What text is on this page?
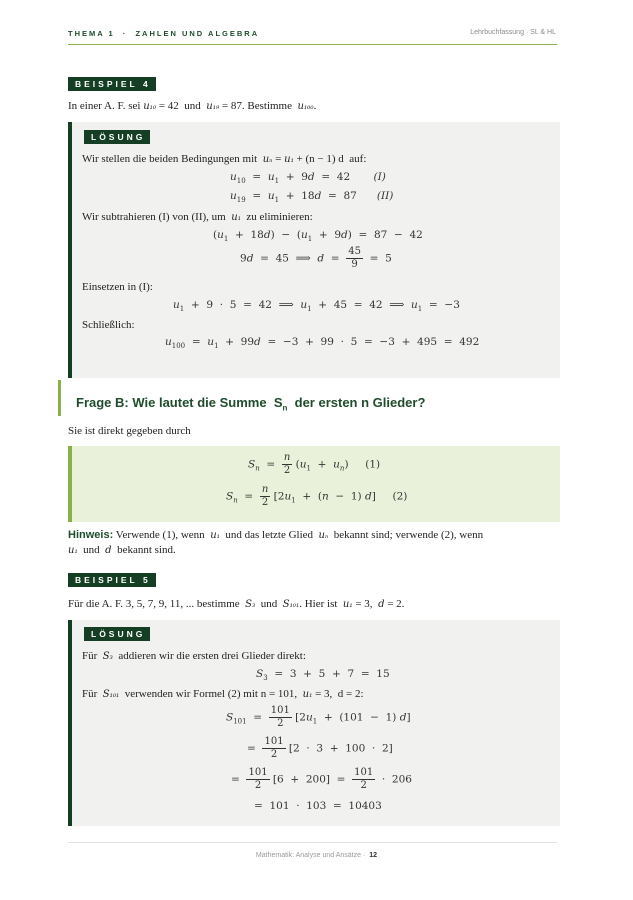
THEMA 1  ·  ZAHLEN UND ALGEBRA	Lehrbuchfassung · SL & HL
BEISPIEL 4
In einer A. F. sei u₁₀ = 42  und u₁₉ = 87. Bestimme u₁₀₀.
LÖSUNG
Wir stellen die beiden Bedingungen mit uₙ = u₁ + (n − 1) d  auf:
$u_{10} = u_1 + 9d = 42$       (I)
$u_{19} = u_1 + 18d = 87$      (II)
Wir subtrahieren (I) von (II), um u₁ zu eliminieren:
$(u_1 + 18d) - (u_1 + 9d) = 87 - 42$
9d  =  45  ⟹  $d = \frac{45}{9} = 5$
Einsetzen in (I):
$u_1 + 9 \cdot 5 = 42$  ⟹  $u_1 + 45 = 42$  ⟹  $u_1 = -3$
Schließlich:
$u_{100} = u_1 + 99d = -3 + 99 \cdot 5 = -3 + 495 = 492$
Frage B: Wie lautet die Summe  $S_n$ der ersten n Glieder?
Sie ist direkt gegeben durch
$S_n = \frac{n}{2} (u_1 + u_n)$     (1)
$S_n = \frac{n}{2} [2u_1 + (n - 1)$ d]     (2)
Hinweis: Verwende (1), wenn u₁ und das letzte Glied uₙ bekannt sind; verwende (2), wenn
u₁ und d bekannt sind.
BEISPIEL 5
Für die A. F. 3, 5, 7, 9, 11, ... bestimme S₃ und S₁₀₁. Hier ist u₁ = 3,  d = 2.
LÖSUNG
Für S₃ addieren wir die ersten drei Glieder direkt:
$S_3 = 3 + 5 + 7 = 15$
Für S₁₀₁ verwenden wir Formel (2) mit n = 101, u₁ = 3,  d = 2:
$S_{101} = \frac{101}{2} [2u_1 + (101 - 1)$ d]
= $\frac{101}{2} [2 \cdot 3 + 100 \cdot 2]$
= $\frac{101}{2} [6 + 200] = \frac{101}{2} \cdot 206$
=  101  ·  103  =  10403
Mathematik: Analyse und Ansätze · 12
